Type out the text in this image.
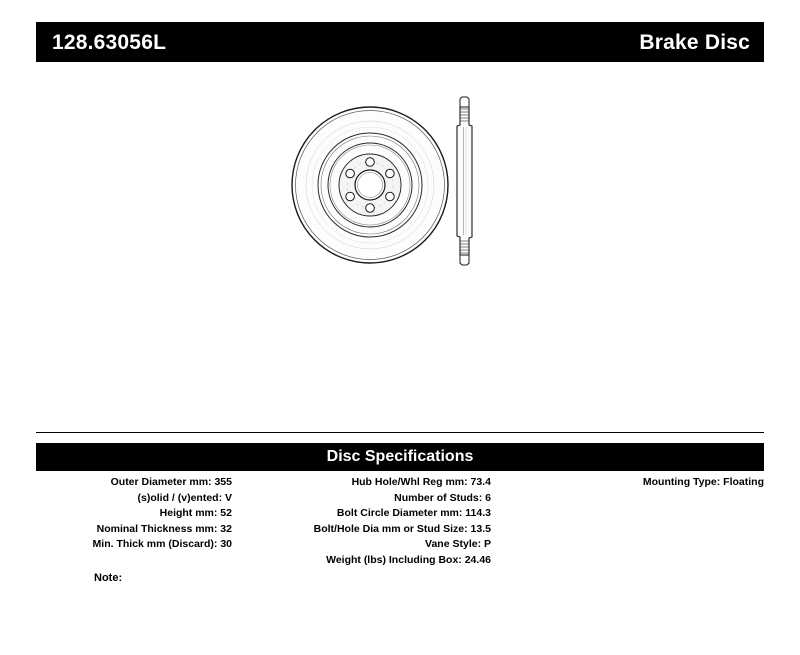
128.63056L	Brake Disc
Disc Specifications
Outer Diameter mm: 355
(s)olid / (v)ented: V
Height mm: 52
Nominal Thickness mm: 32
Min. Thick mm (Discard): 30
Hub Hole/Whl Reg mm: 73.4
Number of Studs: 6
Bolt Circle Diameter mm: 114.3
Bolt/Hole Dia mm or Stud Size: 13.5
Vane Style: P
Weight (lbs) Including Box: 24.46
Mounting Type: Floating
Note:
